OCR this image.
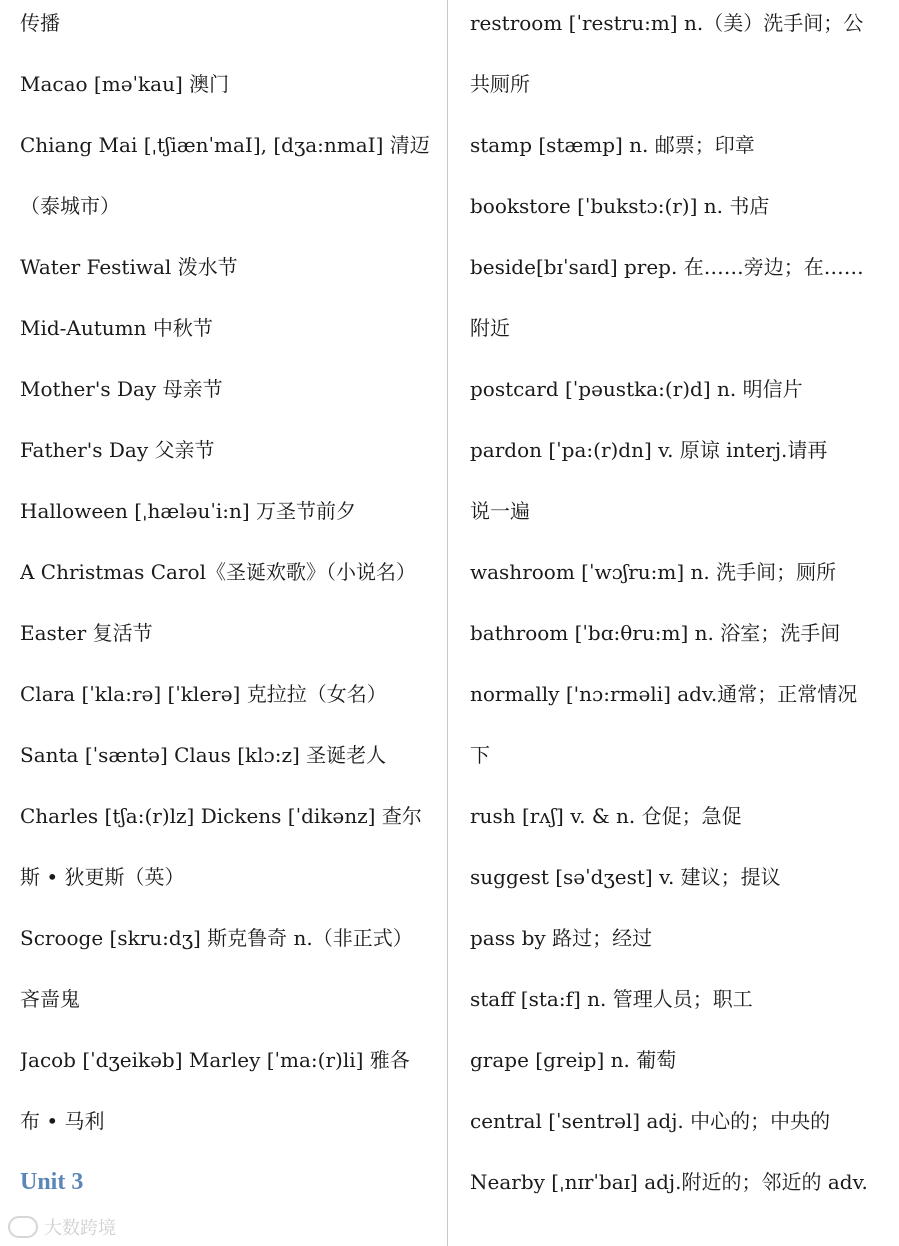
传播
Macao [məˈkau] 澳门
Chiang Mai [ˌtʃiænˈmaI], [dʒa:nmaI] 清迈
（泰城市）
Water Festiwal 泼水节
Mid-Autumn 中秋节
Mother's Day 母亲节
Father's Day 父亲节
Halloween [ˌhæləuˈi:n] 万圣节前夕
A Christmas Carol《圣诞欢歌》（小说名）
Easter 复活节
Clara [ˈkla:rə] [ˈklerə] 克拉拉（女名）
Santa [ˈsæntə] Claus [klɔ:z] 圣诞老人
Charles [tʃa:(r)lz] Dickens [ˈdikənz] 查尔
斯 • 狄更斯（英）
Scrooge [skru:dʒ] 斯克鲁奇 n.（非正式）
吝啬鬼
Jacob [ˈdʒeikəb] Marley [ˈma:(r)li] 雅各
布 • 马利
Unit 3
restroom [ˈrestru:m] n.（美）洗手间；公
共厕所
stamp [stæmp] n. 邮票；印章
bookstore [ˈbukstɔ:(r)] n. 书店
beside[bɪˈsaɪd] prep. 在……旁边；在……
附近
postcard [ˈpəustka:(r)d] n. 明信片
pardon [ˈpa:(r)dn] v. 原谅 interj.请再
说一遍
washroom [ˈwɔʃru:m] n. 洗手间；厕所
bathroom [ˈbɑ:θru:m] n. 浴室；洗手间
normally ['nɔ:rməli] adv.通常；正常情况
下
rush [rʌʃ] v. & n. 仓促；急促
suggest [səˈdʒest] v. 建议；提议
pass by 路过；经过
staff [sta:f] n. 管理人员；职工
grape [greip] n. 葡萄
central [ˈsentrəl] adj. 中心的；中央的
Nearby [ˌnɪrˈbaɪ] adj.附近的；邻近的 adv.
大数跨境
